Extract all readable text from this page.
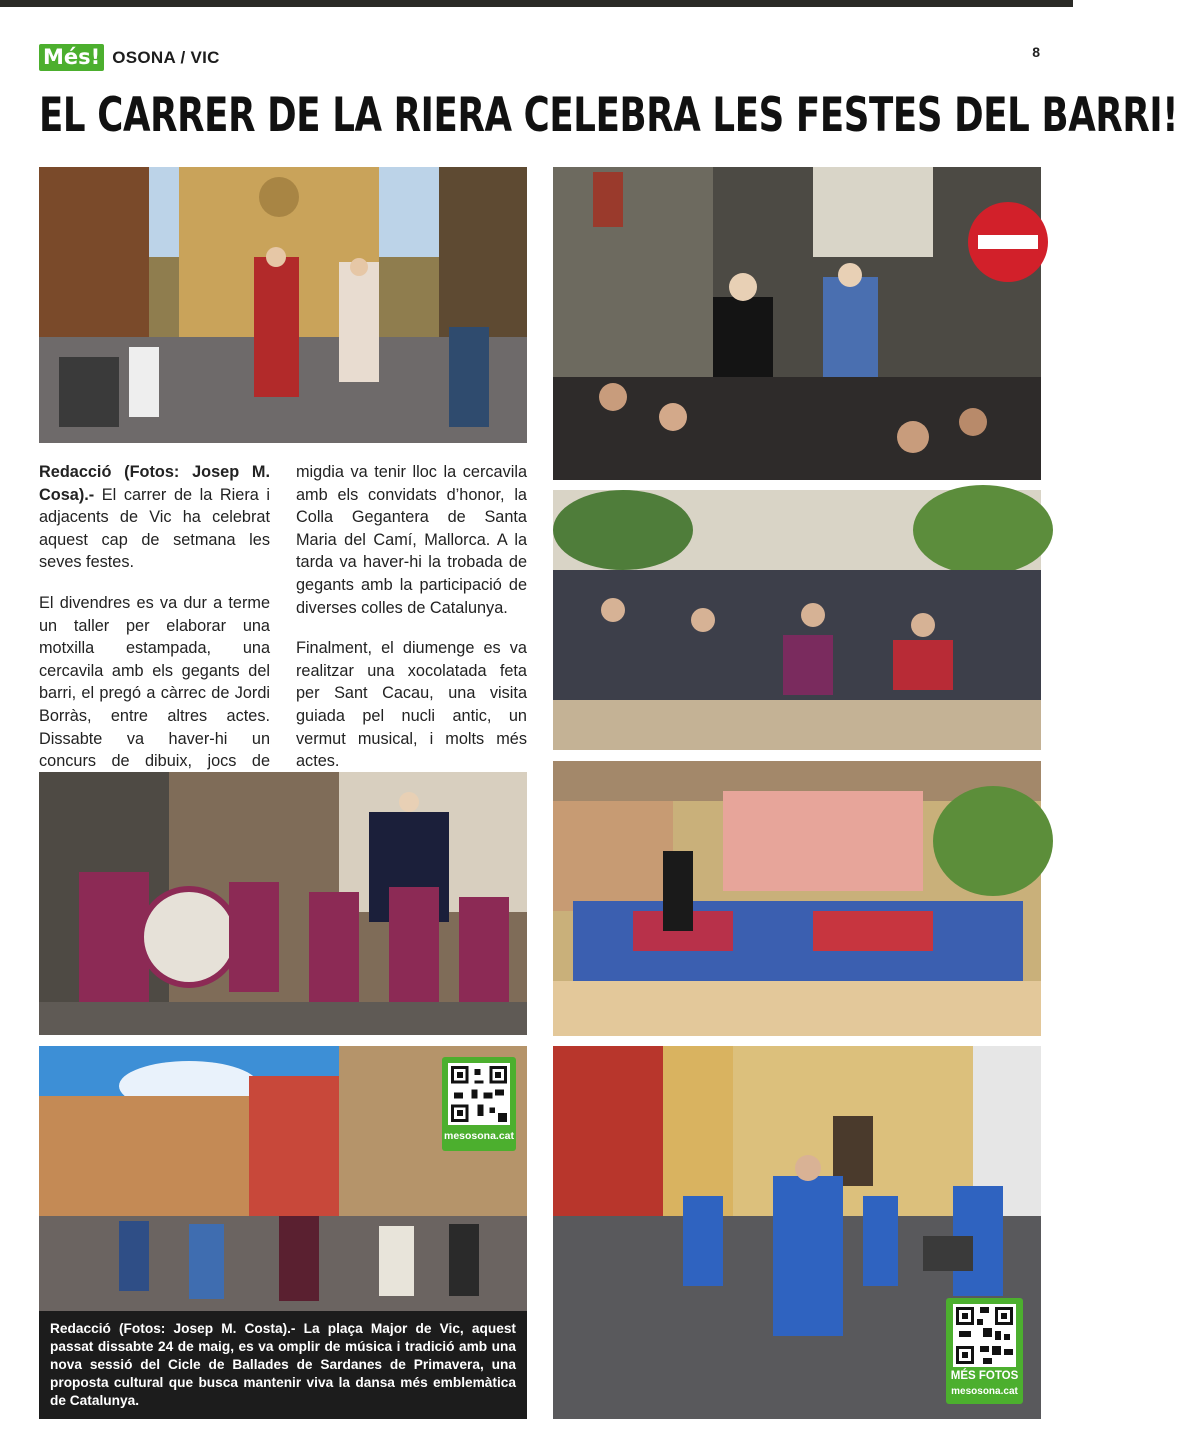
Més! OSONA / VIC	8
EL CARRER DE LA RIERA CELEBRA LES FESTES DEL BARRI!

Redacció (Fotos: Josep M. Cosa).- El carrer de la Riera i adjacents de Vic ha celebrat aquest cap de setmana les seves festes.

El divendres es va dur a terme un taller per elaborar una motxilla estampada, una cercavila amb els gegants del barri, el pregó a càrrec de Jordi Borràs, entre altres actes. Dissabte va haver-hi un concurs de dibuix, jocs de

migdia va tenir lloc la cercavila amb els convidats d’honor, la Colla Gegantera de Santa Maria del Camí, Mallorca. A la tarda va haver-hi la trobada de gegants amb la participació de diverses colles de Catalunya.

Finalment, el diumenge es va realitzar una xocolatada feta per Sant Cacau, una visita guiada pel nucli antic, un vermut musical, i molts més actes.

mesosona.cat
MÉS FOTOS
mesosona.cat
Redacció (Fotos: Josep M. Costa).- La plaça Major de Vic, aquest passat dissabte 24 de maig, es va omplir de música i tradició amb una nova sessió del Cicle de Ballades de Sardanes de Primavera, una proposta cultural que busca mantenir viva la dansa més emblemàtica de Catalunya.
